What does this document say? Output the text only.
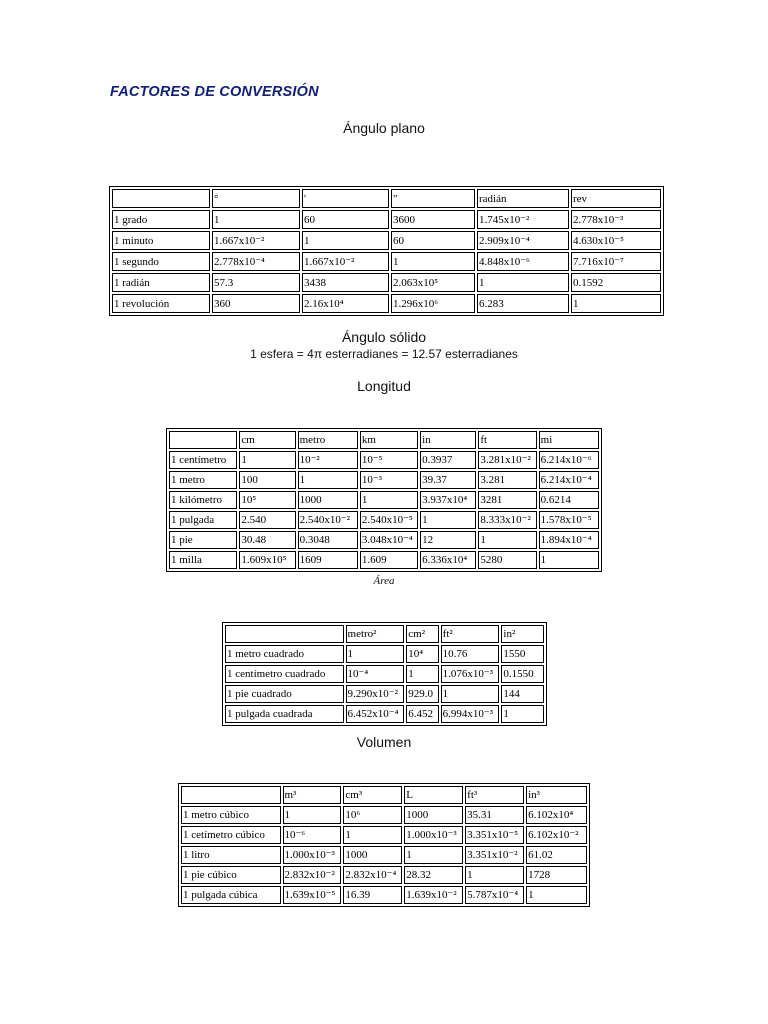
FACTORES DE CONVERSIÓN
Ángulo plano
	°	'	"	radián	rev
1 grado	1	60	3600	1.745x10⁻²	2.778x10⁻³
1 minuto	1.667x10⁻²	1	60	2.909x10⁻⁴	4.630x10⁻⁵
1 segundo	2.778x10⁻⁴	1.667x10⁻²	1	4.848x10⁻⁶	7.716x10⁻⁷
1 radián	57.3	3438	2.063x10⁵	1	0.1592
1 revolución	360	2.16x10⁴	1.296x10⁶	6.283	1
Ángulo sólido
1 esfera = 4π esterradianes = 12.57 esterradianes
Longitud
	cm	metro	km	in	ft	mi
1 centímetro	1	10⁻²	10⁻⁵	0.3937	3.281x10⁻²	6.214x10⁻⁶
1 metro	100	1	10⁻³	39.37	3.281	6.214x10⁻⁴
1 kilómetro	10⁵	1000	1	3.937x10⁴	3281	0.6214
1 pulgada	2.540	2.540x10⁻²	2.540x10⁻⁵	1	8.333x10⁻²	1.578x10⁻⁵
1 pie	30.48	0.3048	3.048x10⁻⁴	12	1	1.894x10⁻⁴
1 milla	1.609x10⁵	1609	1.609	6.336x10⁴	5280	1
Área
	metro²	cm²	ft²	in²
1 metro cuadrado	1	10⁴	10.76	1550
1 centímetro cuadrado	10⁻⁴	1	1.076x10⁻³	0.1550
1 pie cuadrado	9.290x10⁻²	929.0	1	144
1 pulgada cuadrada	6.452x10⁻⁴	6.452	6.994x10⁻³	1
Volumen
	m³	cm³	L	ft³	in³
1 metro cúbico	1	10⁶	1000	35.31	6.102x10⁴
1 cetímetro cúbico	10⁻⁶	1	1.000x10⁻³	3.351x10⁻⁵	6.102x10⁻²
1 litro	1.000x10⁻³	1000	1	3.351x10⁻²	61.02
1 pie cúbico	2.832x10⁻²	2.832x10⁻⁴	28.32	1	1728
1 pulgada cúbica	1.639x10⁻⁵	16.39	1.639x10⁻²	5.787x10⁻⁴	1
